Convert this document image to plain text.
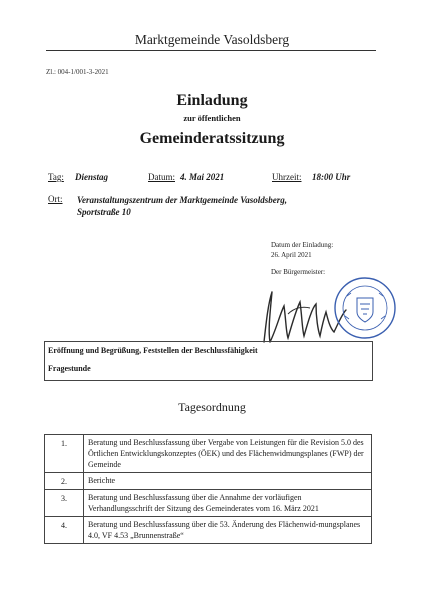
Marktgemeinde Vasoldsberg
Zl.: 004-1/001-3-2021
Einladung
zur öffentlichen
Gemeinderatssitzung
Tag: Dienstag	Datum: 4. Mai 2021	Uhrzeit: 18:00 Uhr
Ort: Veranstaltungszentrum der Marktgemeinde Vasoldsberg,
Sportstraße 10
Datum der Einladung:
26. April 2021
Der Bürgermeister:
Eröffnung und Begrüßung, Feststellen der Beschlussfähigkeit
Fragestunde
Tagesordnung
1.	Beratung und Beschlussfassung über Vergabe von Leistungen für die Revision 5.0 des Örtlichen Entwicklungskonzeptes (ÖEK) und des Flächenwidmungsplanes (FWP) der Gemeinde
2.	Berichte
3.	Beratung und Beschlussfassung über die Annahme der vorläufigen Verhandlungsschrift der Sitzung des Gemeinderates vom 16. März 2021
4.	Beratung und Beschlussfassung über die 53. Änderung des Flächenwid-mungsplanes 4.0, VF 4.53 „Brunnenstraße“
